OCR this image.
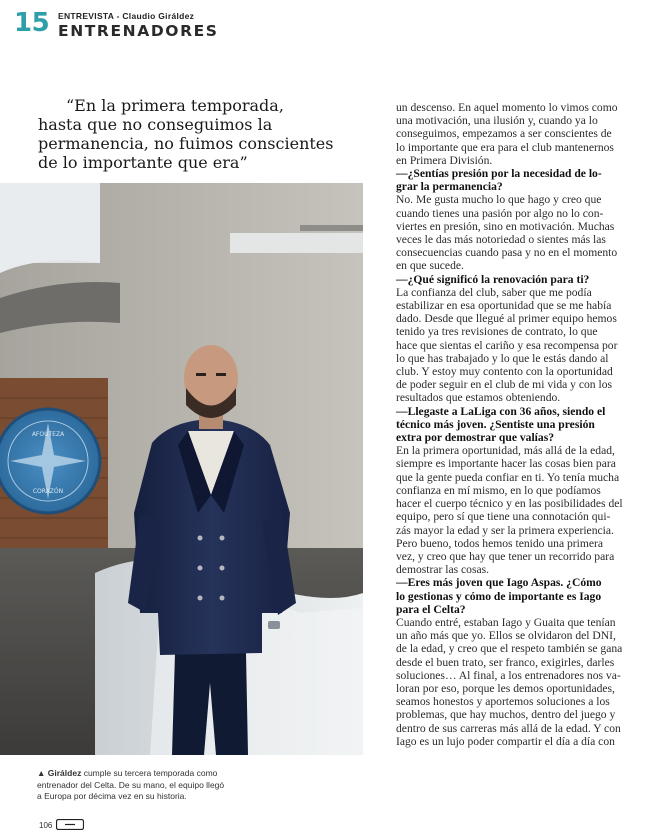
15 ENTREVISTA - Claudio Giráldez
ENTRENADORES
“En la primera temporada,
hasta que no conseguimos la
permanencia, no fuimos conscientes
de lo importante que era”
AFOUTEZA
CORAZÓN
▲ Giráldez cumple su tercera temporada como
entrenador del Celta. De su mano, el equipo llegó
a Europa por décima vez en su historia.
106
un descenso. En aquel momento lo vimos como
una motivación, una ilusión y, cuando ya lo
conseguimos, empezamos a ser conscientes de
lo importante que era para el club mantenernos
en Primera División.
—¿Sentías presión por la necesidad de lo-
grar la permanencia?
No. Me gusta mucho lo que hago y creo que
cuando tienes una pasión por algo no lo con-
viertes en presión, sino en motivación. Muchas
veces le das más notoriedad o sientes más las
consecuencias cuando pasa y no en el momento
en que sucede.
—¿Qué significó la renovación para ti?
La confianza del club, saber que me podía
estabilizar en esa oportunidad que se me había
dado. Desde que llegué al primer equipo hemos
tenido ya tres revisiones de contrato, lo que
hace que sientas el cariño y esa recompensa por
lo que has trabajado y lo que le estás dando al
club. Y estoy muy contento con la oportunidad
de poder seguir en el club de mi vida y con los
resultados que estamos obteniendo.
—Llegaste a LaLiga con 36 años, siendo el
técnico más joven. ¿Sentiste una presión
extra por demostrar que valías?
En la primera oportunidad, más allá de la edad,
siempre es importante hacer las cosas bien para
que la gente pueda confiar en ti. Yo tenía mucha
confianza en mí mismo, en lo que podíamos
hacer el cuerpo técnico y en las posibilidades del
equipo, pero sí que tiene una connotación qui-
zás mayor la edad y ser la primera experiencia.
Pero bueno, todos hemos tenido una primera
vez, y creo que hay que tener un recorrido para
demostrar las cosas.
—Eres más joven que Iago Aspas. ¿Cómo
lo gestionas y cómo de importante es Iago
para el Celta?
Cuando entré, estaban Iago y Guaita que tenían
un año más que yo. Ellos se olvidaron del DNI,
de la edad, y creo que el respeto también se gana
desde el buen trato, ser franco, exigirles, darles
soluciones… Al final, a los entrenadores nos va-
loran por eso, porque les demos oportunidades,
seamos honestos y aportemos soluciones a los
problemas, que hay muchos, dentro del juego y
dentro de sus carreras más allá de la edad. Y con
Iago es un lujo poder compartir el día a día con
